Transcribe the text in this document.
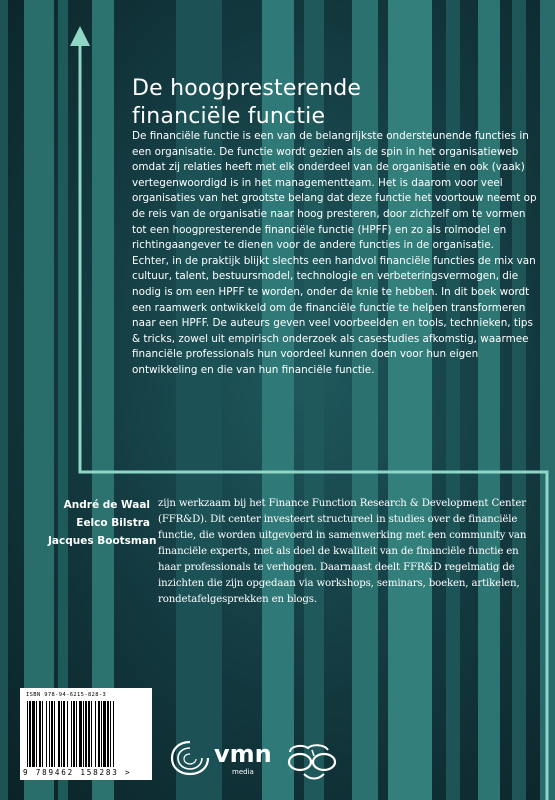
De hoogpresterende
financiële functie

De financiële functie is een van de belangrijkste ondersteunende functies in een organisatie. De functie wordt gezien als de spin in het organisatieweb omdat zij relaties heeft met elk onderdeel van de organisatie en ook (vaak) vertegenwoordigd is in het managementteam. Het is daarom voor veel organisaties van het grootste belang dat deze functie het voortouw neemt op de reis van de organisatie naar hoog presteren, door zichzelf om te vormen tot een hoogpresterende financiële functie (HPFF) en zo als rolmodel en richtingaangever te dienen voor de andere functies in de organisatie.

Echter, in de praktijk blijkt slechts een handvol financiële functies de mix van cultuur, talent, bestuursmodel, technologie en verbeteringsvermogen, die nodig is om een HPFF te worden, onder de knie te hebben. In dit boek wordt een raamwerk ontwikkeld om de financiële functie te helpen transformeren naar een HPFF. De auteurs geven veel voorbeelden en tools, technieken, tips & tricks, zowel uit empirisch onderzoek als casestudies afkomstig, waarmee financiële professionals hun voordeel kunnen doen voor hun eigen ontwikkeling en die van hun financiële functie.

André de Waal
Eelco Bilstra
Jacques Bootsman

zijn werkzaam bij het Finance Function Research & Development Center (FFR&D). Dit center investeert structureel in studies over de financiële functie, die worden uitgevoerd in samenwerking met een community van financiële experts, met als doel de kwaliteit van de financiële functie en haar professionals te verhogen. Daarnaast deelt FFR&D regelmatig de inzichten die zijn opgedaan via workshops, seminars, boeken, artikelen, rondetafelgesprekken en blogs.

ISBN 978-94-6215-828-3
9 789462 158283 >
vmn
media
